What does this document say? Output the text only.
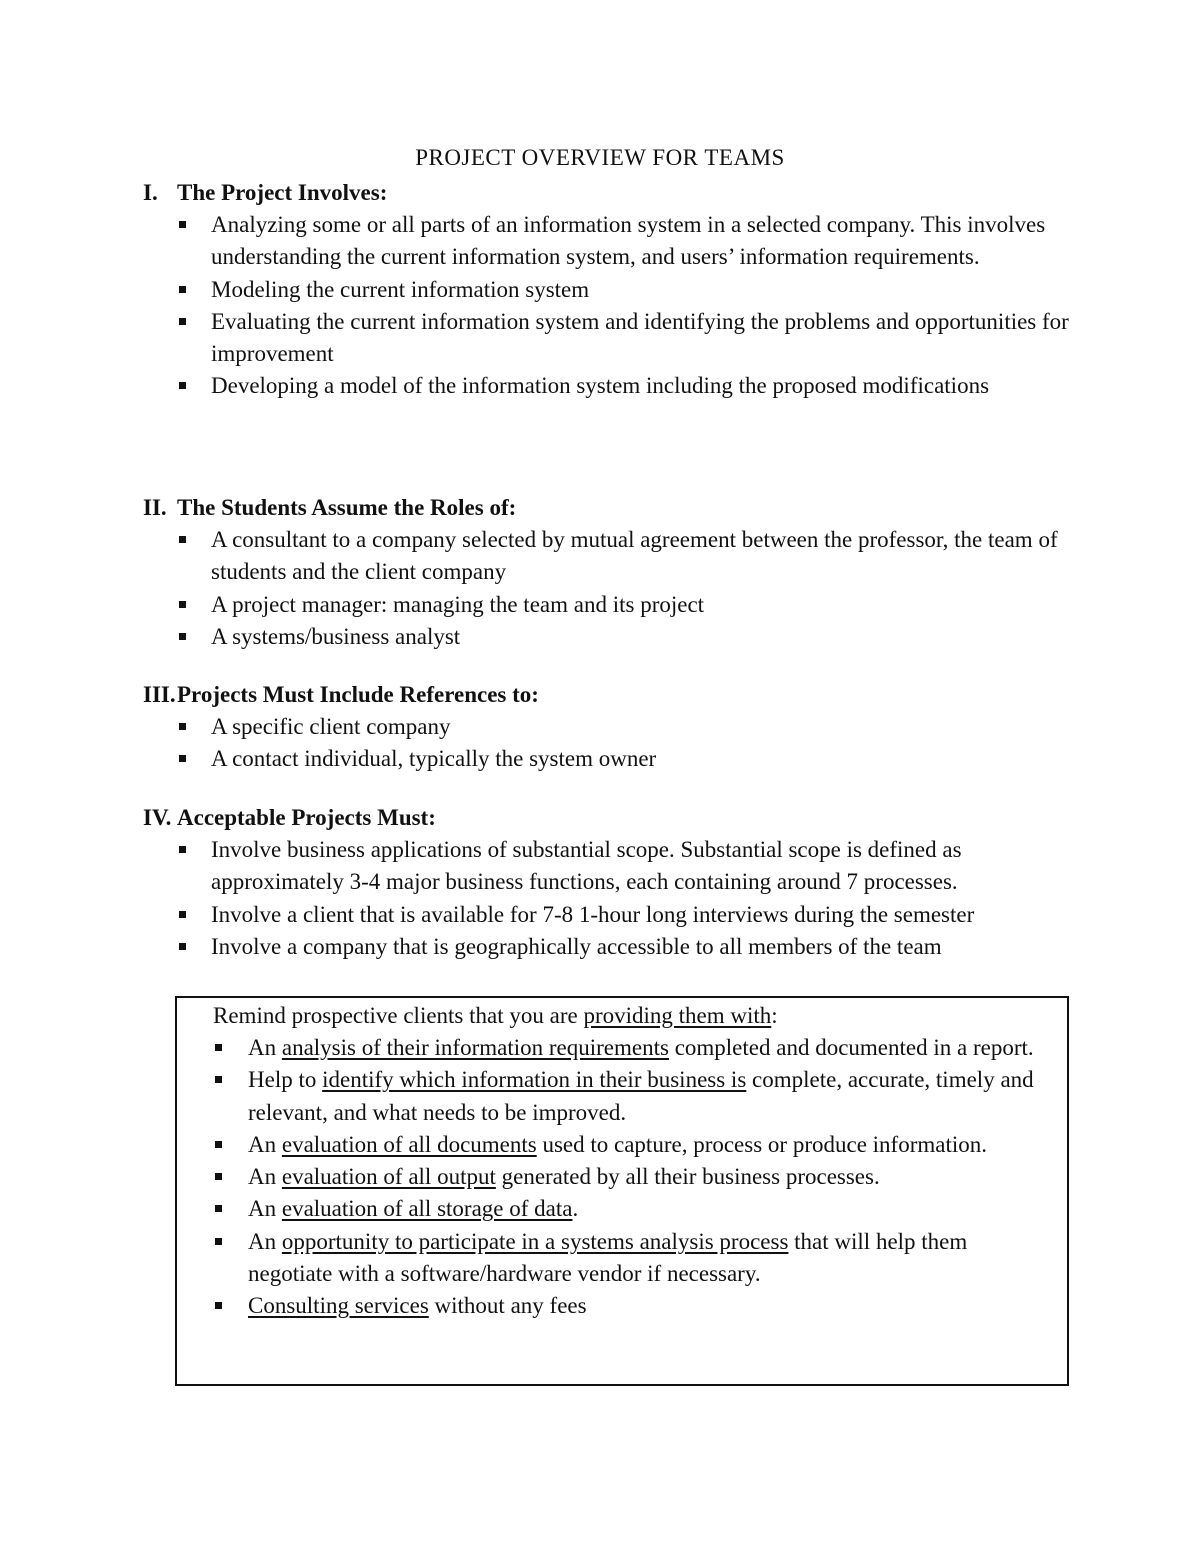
PROJECT OVERVIEW FOR TEAMS
I. The Project Involves:
Analyzing some or all parts of an information system in a selected company. This involves understanding the current information system, and users’ information requirements.
Modeling the current information system
Evaluating the current information system and identifying the problems and opportunities for improvement
Developing a model of the information system including the proposed modifications
II. The Students Assume the Roles of:
A consultant to a company selected by mutual agreement between the professor, the team of students and the client company
A project manager: managing the team and its project
A systems/business analyst
III. Projects Must Include References to:
A specific client company
A contact individual, typically the system owner
IV. Acceptable Projects Must:
Involve business applications of substantial scope. Substantial scope is defined as approximately 3-4 major business functions, each containing around 7 processes.
Involve a client that is available for 7-8 1-hour long interviews during the semester
Involve a company that is geographically accessible to all members of the team
Remind prospective clients that you are providing them with:
An analysis of their information requirements completed and documented in a report.
Help to identify which information in their business is complete, accurate, timely and relevant, and what needs to be improved.
An evaluation of all documents used to capture, process or produce information.
An evaluation of all output generated by all their business processes.
An evaluation of all storage of data.
An opportunity to participate in a systems analysis process that will help them negotiate with a software/hardware vendor if necessary.
Consulting services without any fees
